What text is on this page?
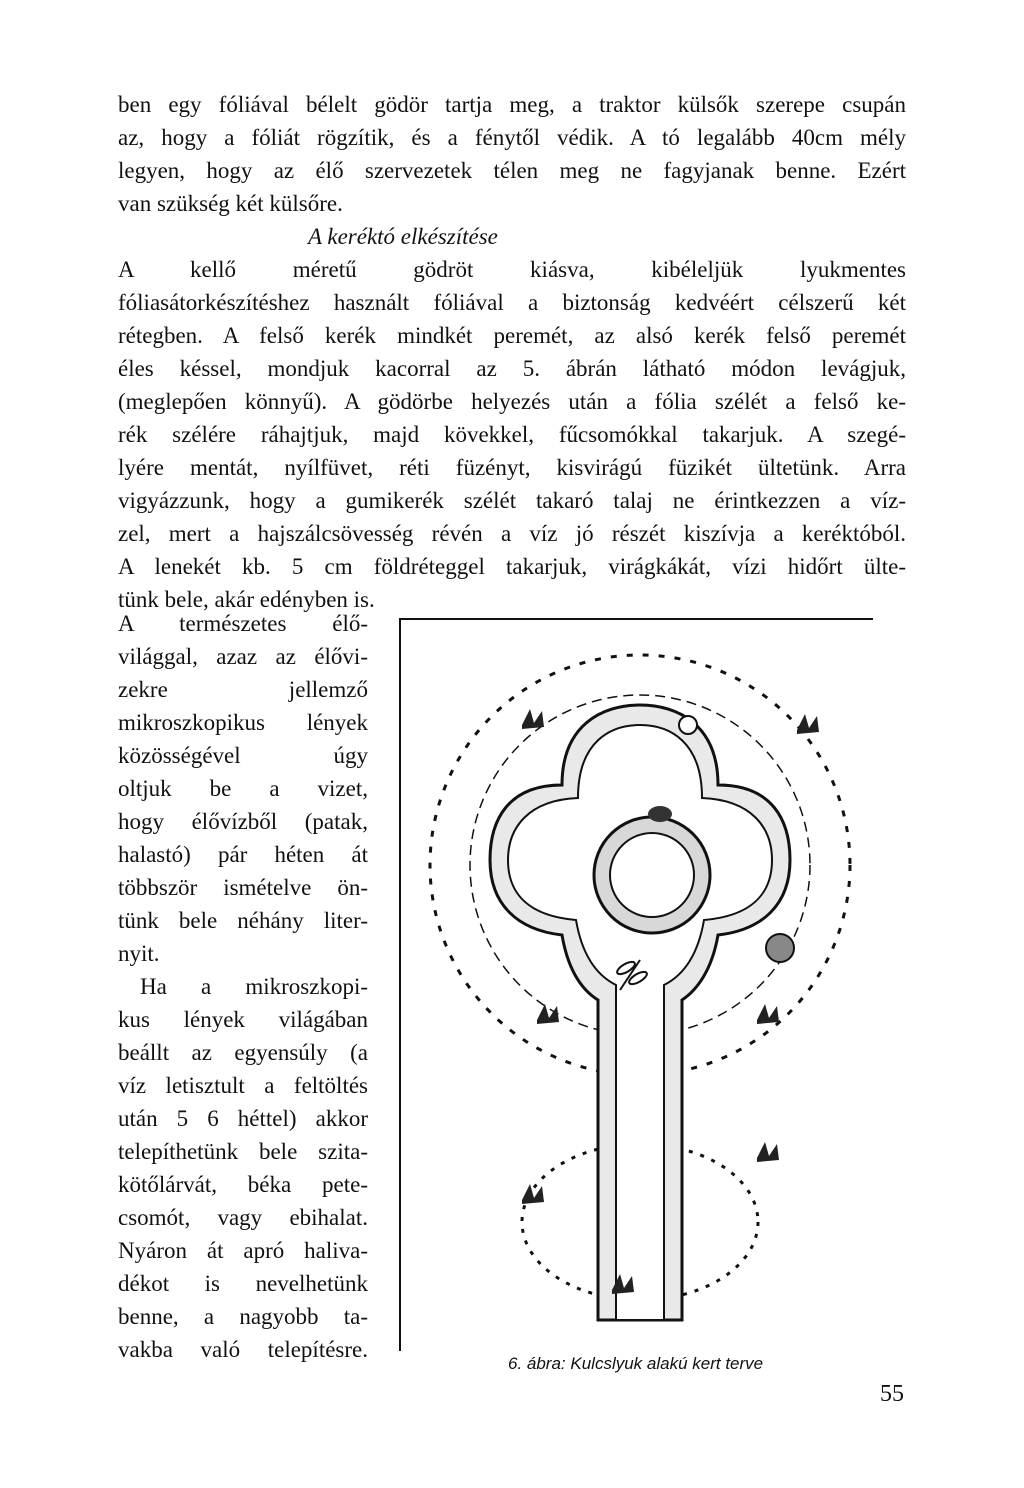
ben egy fóliával bélelt gödör tartja meg, a traktor külsők szerepe csupán
az, hogy a fóliát rögzítik, és a fénytől védik. A tó legalább 40cm mély
legyen, hogy az élő szervezetek télen meg ne fagyjanak benne. Ezért
van szükség két külsőre.
A keréktó elkészítése
A kellő méretű gödröt kiásva, kibéleljük lyukmentes
fóliasátorkészítéshez használt fóliával a biztonság kedvéért célszerű két
rétegben. A felső kerék mindkét peremét, az alsó kerék felső peremét
éles késsel, mondjuk kacorral az 5. ábrán látható módon levágjuk,
(meglepően könnyű). A gödörbe helyezés után a fólia szélét a felső ke-
rék szélére ráhajtjuk, majd kövekkel, fűcsomókkal takarjuk. A szegé-
lyére mentát, nyílfüvet, réti füzényt, kisvirágú füzikét ültetünk. Arra
vigyázzunk, hogy a gumikerék szélét takaró talaj ne érintkezzen a víz-
zel, mert a hajszálcsövesség révén a víz jó részét kiszívja a keréktóból.
A lenekét kb. 5 cm földréteggel takarjuk, virágkákát, vízi hidőrt ülte-
tünk bele, akár edényben is.
A természetes élő-
világgal, azaz az élővi-
zekre jellemző
mikroszkopikus lények
közösségével úgy
oltjuk be a vizet,
hogy élővízből (patak,
halastó) pár héten át
többször ismételve ön-
tünk bele néhány liter-
nyit.
Ha a mikroszkopi-
kus lények világában
beállt az egyensúly (a
víz letisztult a feltöltés
után 5 6 héttel) akkor
telepíthetünk bele szita-
kötőlárvát, béka pete-
csomót, vagy ebihalat.
Nyáron át apró haliva-
dékot is nevelhetünk
benne, a nagyobb ta-
vakba való telepítésre.
6. ábra: Kulcslyuk alakú kert terve
55
